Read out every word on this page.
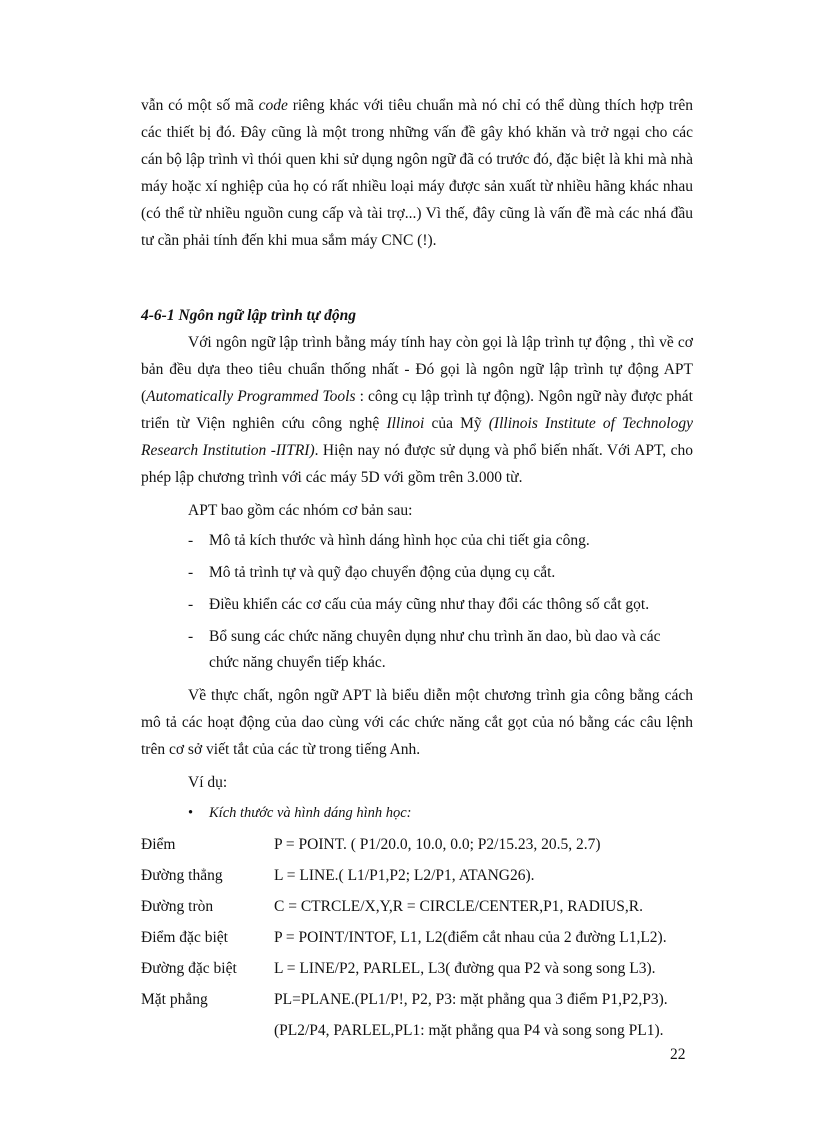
vẫn có một số mã code riêng khác với tiêu chuẩn mà nó chỉ có thể dùng thích hợp trên các thiết bị đó. Đây cũng là một trong những vấn đề gây khó khăn và trở ngại cho các cán bộ lập trình vì thói quen khi sử dụng ngôn ngữ đã có trước đó, đặc biệt là khi mà nhà máy hoặc xí nghiệp của họ có rất nhiều loại máy được sản xuất từ nhiều hãng khác nhau (có thể từ nhiều nguồn cung cấp và tài trợ...) Vì thế, đây cũng là vấn đề mà các nhá đầu tư cần phải tính đến khi mua sắm máy CNC (!).

4-6-1 Ngôn ngữ lập trình tự động

Với ngôn ngữ lập trình bằng máy tính hay còn gọi là lập trình tự động , thì về cơ bản đều dựa theo tiêu chuẩn thống nhất - Đó gọi là ngôn ngữ lập trình tự động APT (Automatically Programmed Tools : công cụ lập trình tự động). Ngôn ngữ này được phát triển từ Viện nghiên cứu công nghệ Illinoi của Mỹ (Illinois Institute of Technology Research Institution -IITRI). Hiện nay nó được sử dụng và phổ biến nhất. Với APT, cho phép lập chương trình với các máy 5D với gồm trên 3.000 từ.

APT bao gồm các nhóm cơ bản sau:

- Mô tả kích thước và hình dáng hình học của chi tiết gia công.
- Mô tả trình tự và quỹ đạo chuyển động của dụng cụ cắt.
- Điều khiển các cơ cấu của máy cũng như thay đổi các thông số cắt gọt.
- Bổ sung các chức năng chuyên dụng như chu trình ăn dao, bù dao và các chức năng chuyển tiếp khác.

Về thực chất, ngôn ngữ APT là biểu diễn một chương trình gia công bằng cách mô tả các hoạt động của dao cùng với các chức năng cắt gọt của nó bằng các câu lệnh trên cơ sở viết tắt của các từ trong tiếng Anh.

Ví dụ:

• Kích thước và hình dáng hình học:

Điểm	P = POINT. ( P1/20.0, 10.0, 0.0; P2/15.23, 20.5, 2.7)
Đường thẳng	L = LINE.( L1/P1,P2; L2/P1, ATANG26).
Đường tròn	C = CTRCLE/X,Y,R = CIRCLE/CENTER,P1, RADIUS,R.
Điểm đặc biệt	P = POINT/INTOF, L1, L2(điểm cắt nhau của 2 đường L1,L2).
Đường đặc biệt	L = LINE/P2, PARLEL, L3( đường qua P2 và song song L3).
Mặt phẳng	PL=PLANE.(PL1/P!, P2, P3: mặt phẳng qua 3 điểm P1,P2,P3).
(PL2/P4, PARLEL,PL1: mặt phẳng qua P4 và song song PL1).
22
